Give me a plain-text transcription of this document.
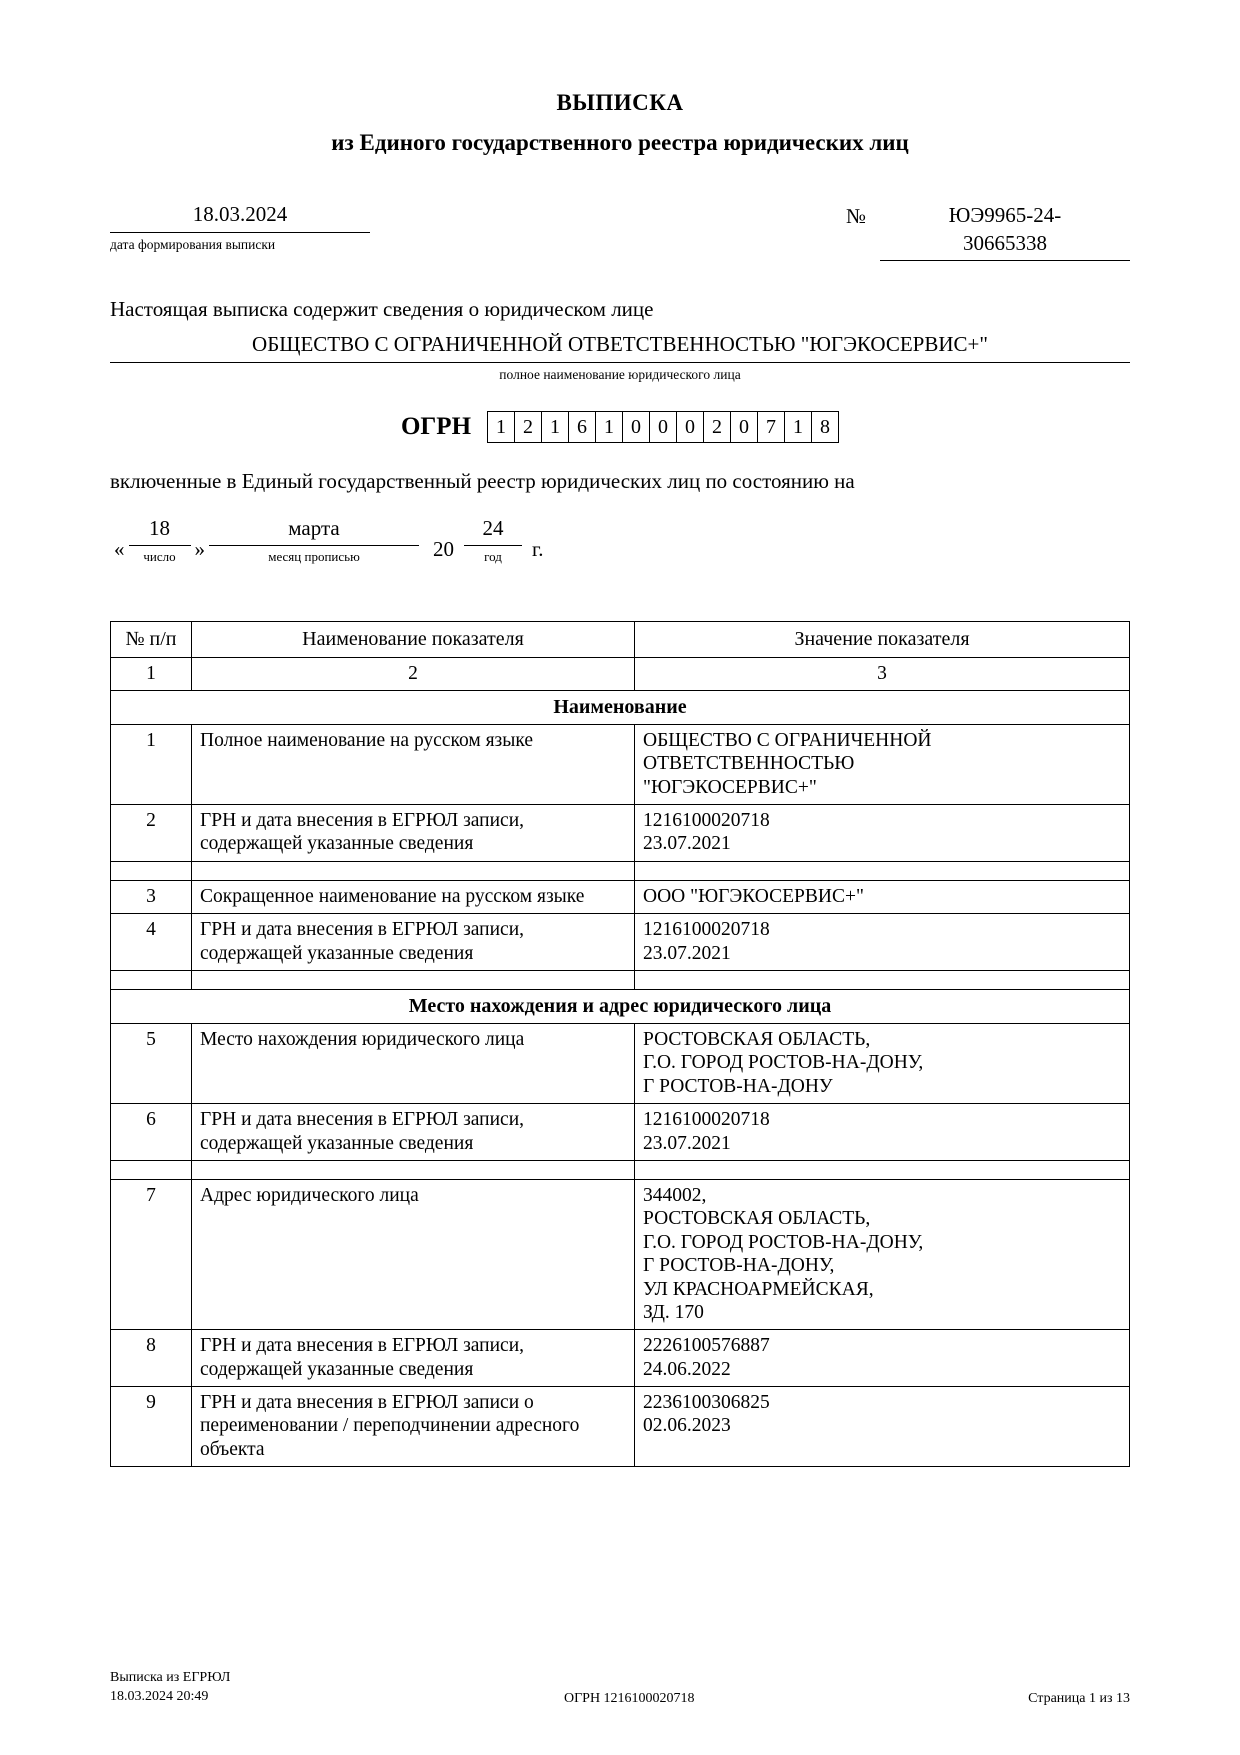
ВЫПИСКА
из Единого государственного реестра юридических лиц
18.03.2024
дата формирования выписки
№	ЮЭ9965-24-
30665338
Настоящая выписка содержит сведения о юридическом лице
ОБЩЕСТВО С ОГРАНИЧЕННОЙ ОТВЕТСТВЕННОСТЬЮ "ЮГЭКОСЕРВИС+"
полное наименование юридического лица
ОГРН	1 2 1 6 1 0 0 0 2 0 7 1 8
включенные в Единый государственный реестр юридических лиц по состоянию на
«
18
число »
марта
месяц прописью	20
24
год	г.
№ п/п	Наименование показателя	Значение показателя
1	2	3
Наименование		
1	Полное наименование на русском языке	ОБЩЕСТВО С ОГРАНИЧЕННОЙ
ОТВЕТСТВЕННОСТЬЮ
"ЮГЭКОСЕРВИС+"

2	ГРН и дата внесения в ЕГРЮЛ записи, содержащей указанные сведения	1216100020718
23.07.2021

3	Сокращенное наименование на русском языке	ООО "ЮГЭКОСЕРВИС+"

4	ГРН и дата внесения в ЕГРЮЛ записи, содержащей указанные сведения	1216100020718
23.07.2021

Место нахождения и адрес юридического лица		
5	Место нахождения юридического лица	РОСТОВСКАЯ ОБЛАСТЬ,
Г.О. ГОРОД РОСТОВ-НА-ДОНУ,
Г РОСТОВ-НА-ДОНУ

6	ГРН и дата внесения в ЕГРЮЛ записи, содержащей указанные сведения	1216100020718
23.07.2021

7	Адрес юридического лица	344002,
РОСТОВСКАЯ ОБЛАСТЬ,
Г.О. ГОРОД РОСТОВ-НА-ДОНУ,
Г РОСТОВ-НА-ДОНУ,
УЛ КРАСНОАРМЕЙСКАЯ,
ЗД. 170

8	ГРН и дата внесения в ЕГРЮЛ записи, содержащей указанные сведения	2226100576887
24.06.2022

9	ГРН и дата внесения в ЕГРЮЛ записи о переименовании / переподчинении адресного объекта	2236100306825
02.06.2023
Выписка из ЕГРЮЛ
18.03.2024 20:49	ОГРН 1216100020718	Страница 1 из 13
